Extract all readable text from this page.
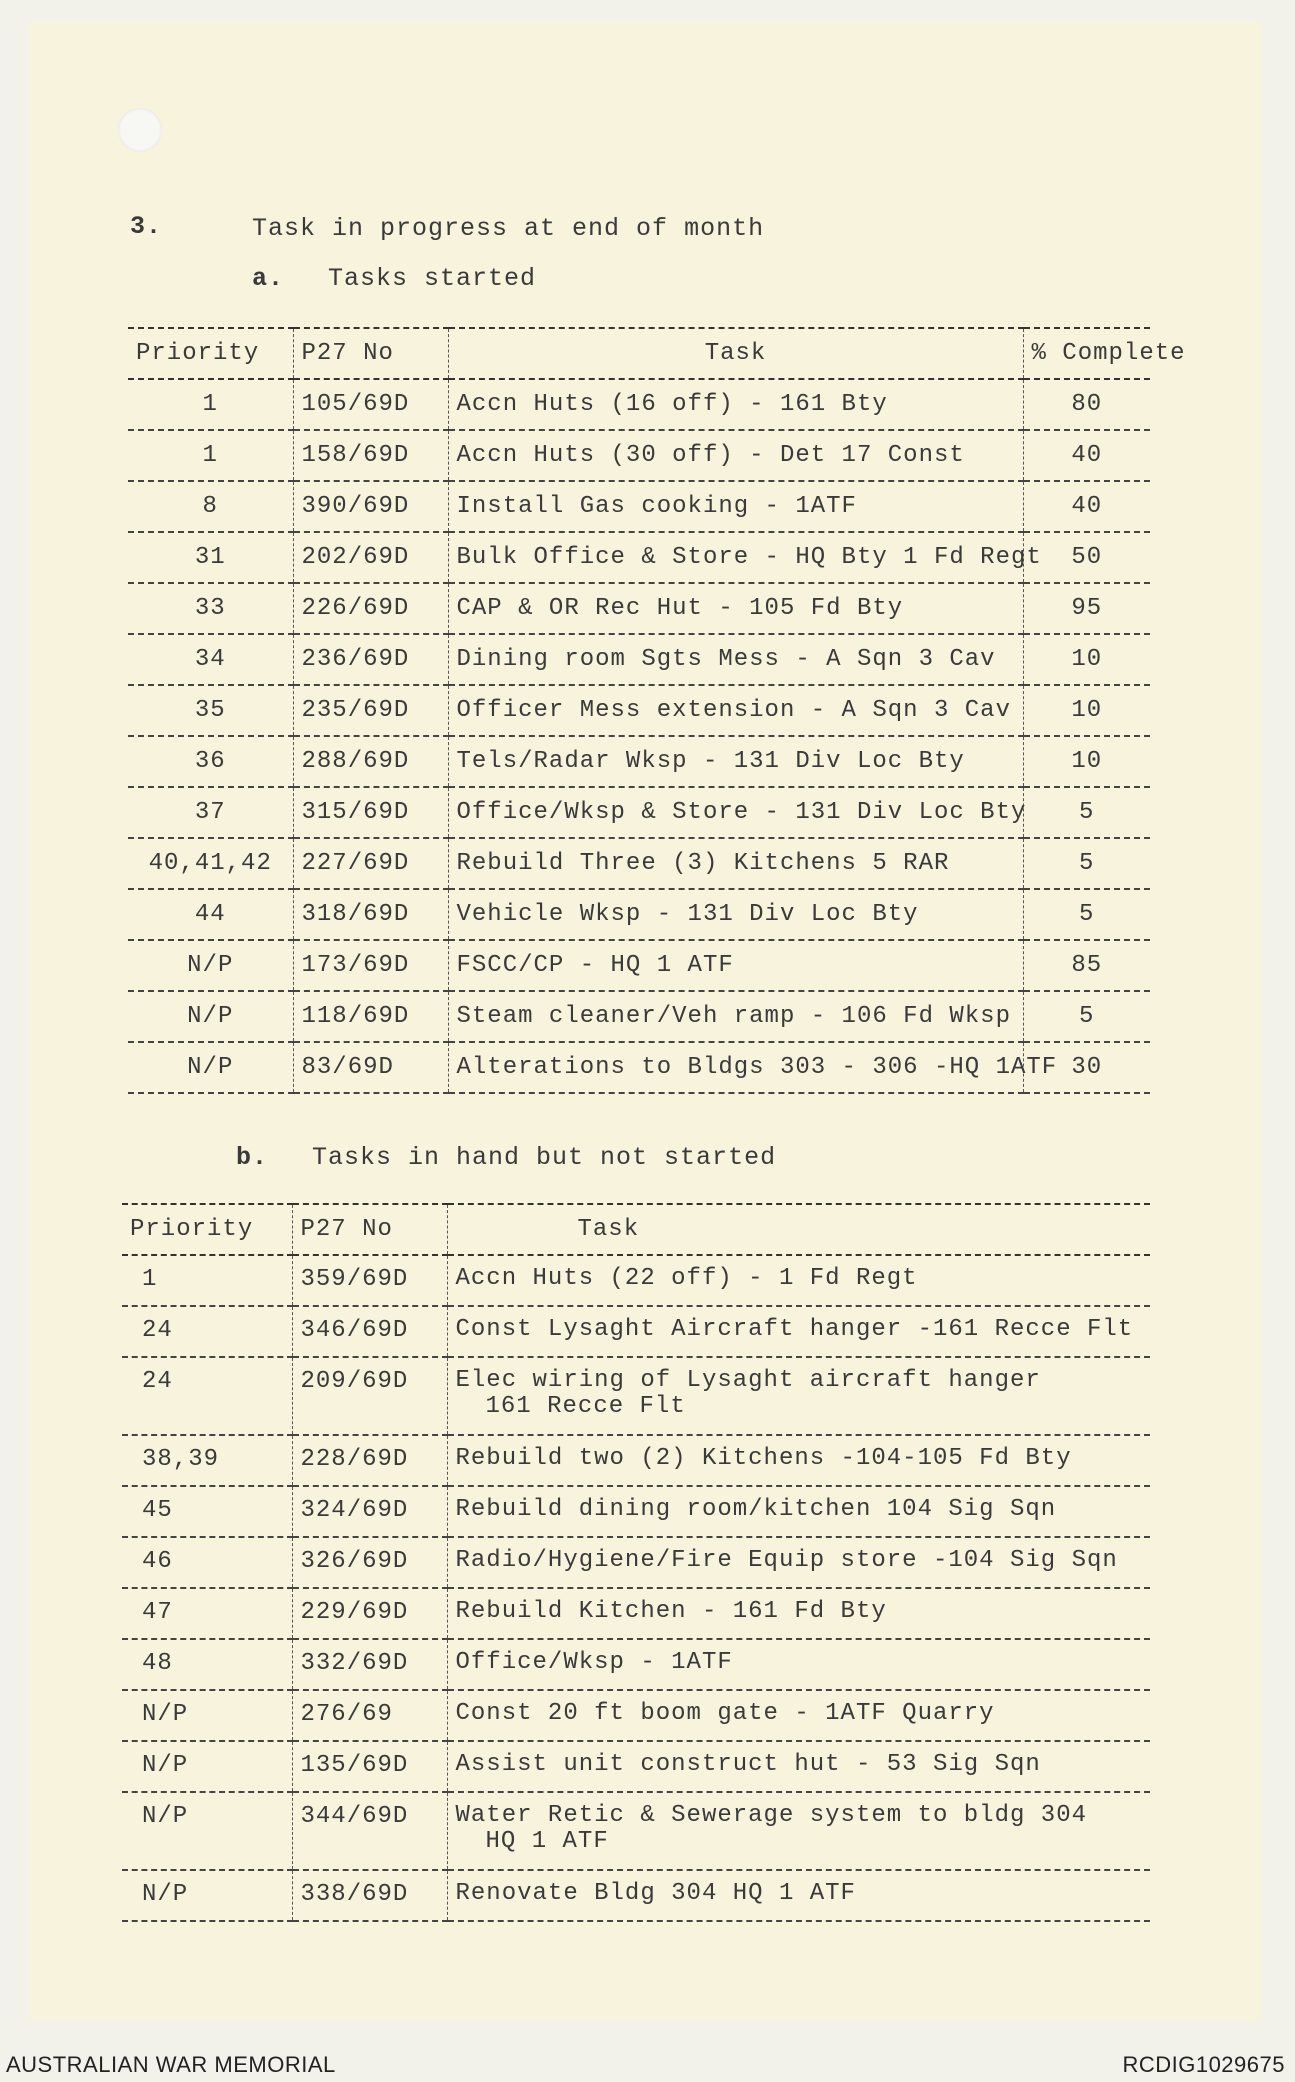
3.	Task in progress at end of month
a. Tasks started
Priority	P27 No	Task	% Complete
1	105/69D	Accn Huts (16 off) - 161 Bty	80
1	158/69D	Accn Huts (30 off) - Det 17 Const	40
8	390/69D	Install Gas cooking - 1ATF	40
31	202/69D	Bulk Office & Store - HQ Bty 1 Fd Regt	50
33	226/69D	CAP & OR Rec Hut - 105 Fd Bty	95
34	236/69D	Dining room Sgts Mess - A Sqn 3 Cav	10
35	235/69D	Officer Mess extension - A Sqn 3 Cav	10
36	288/69D	Tels/Radar Wksp - 131 Div Loc Bty	10
37	315/69D	Office/Wksp & Store - 131 Div Loc Bty	5
40,41,42	227/69D	Rebuild Three (3) Kitchens 5 RAR	5
44	318/69D	Vehicle Wksp - 131 Div Loc Bty	5
N/P	173/69D	FSCC/CP - HQ 1 ATF	85
N/P	118/69D	Steam cleaner/Veh ramp - 106 Fd Wksp	5
N/P	83/69D	Alterations to Bldgs 303 - 306 -HQ 1ATF	30
b. Tasks in hand but not started
Priority	P27 No	Task
1	359/69D	Accn Huts (22 off) - 1 Fd Regt
24	346/69D	Const Lysaght Aircraft hanger -161 Recce Flt
24	209/69D	Elec wiring of Lysaght aircraft hanger
161 Recce Flt

38,39	228/69D	Rebuild two (2) Kitchens -104-105 Fd Bty
45	324/69D	Rebuild dining room/kitchen 104 Sig Sqn
46	326/69D	Radio/Hygiene/Fire Equip store -104 Sig Sqn
47	229/69D	Rebuild Kitchen - 161 Fd Bty
48	332/69D	Office/Wksp - 1ATF
N/P	276/69	Const 20 ft boom gate - 1ATF Quarry
N/P	135/69D	Assist unit construct hut - 53 Sig Sqn
N/P	344/69D	Water Retic & Sewerage system to bldg 304
HQ 1 ATF

N/P	338/69D	Renovate Bldg 304 HQ 1 ATF
AUSTRALIAN WAR MEMORIAL	RCDIG1029675
